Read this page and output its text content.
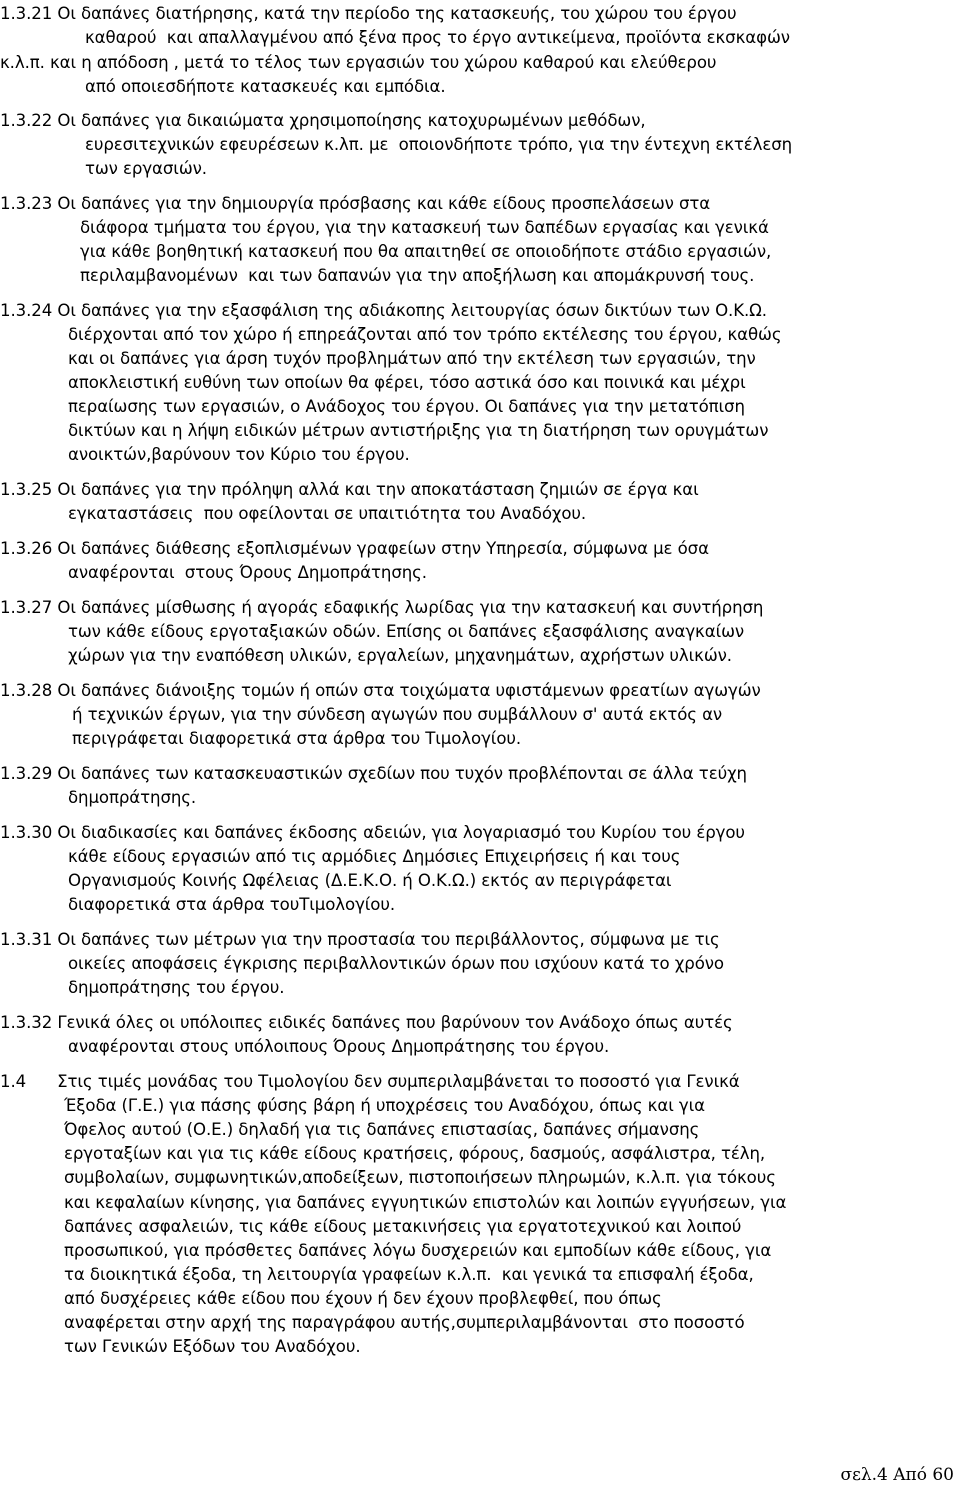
1.3.21 Οι δαπάνες διατήρησης, κατά την περίοδο της κατασκευής, του χώρου του έργου
καθαρού  και απαλλαγμένου από ξένα προς το έργο αντικείμενα, προϊόντα εκσκαφών
κ.λ.π. και η απόδοση , μετά το τέλος των εργασιών του χώρου καθαρού και ελεύθερου
από οποιεσδήποτε κατασκευές και εμπόδια.
1.3.22 Οι δαπάνες για δικαιώματα χρησιμοποίησης κατοχυρωμένων μεθόδων,
ευρεσιτεχνικών εφευρέσεων κ.λπ. με  οποιονδήποτε τρόπο, για την έντεχνη εκτέλεση
των εργασιών.
1.3.23 Οι δαπάνες για την δημιουργία πρόσβασης και κάθε είδους προσπελάσεων στα
διάφορα τμήματα του έργου, για την κατασκευή των δαπέδων εργασίας και γενικά
για κάθε βοηθητική κατασκευή που θα απαιτηθεί σε οποιοδήποτε στάδιο εργασιών,
περιλαμβανομένων  και των δαπανών για την αποξήλωση και απομάκρυνσή τους.
1.3.24 Οι δαπάνες για την εξασφάλιση της αδιάκοπης λειτουργίας όσων δικτύων των Ο.Κ.Ω.
διέρχονται από τον χώρο ή επηρεάζονται από τον τρόπο εκτέλεσης του έργου, καθώς
και οι δαπάνες για άρση τυχόν προβλημάτων από την εκτέλεση των εργασιών, την
αποκλειστική ευθύνη των οποίων θα φέρει, τόσο αστικά όσο και ποινικά και μέχρι
περαίωσης των εργασιών, ο Ανάδοχος του έργου. Οι δαπάνες για την μετατόπιση
δικτύων και η λήψη ειδικών μέτρων αντιστήριξης για τη διατήρηση των ορυγμάτων
ανοικτών,βαρύνουν τον Κύριο του έργου.
1.3.25 Οι δαπάνες για την πρόληψη αλλά και την αποκατάσταση ζημιών σε έργα και
εγκαταστάσεις  που οφείλονται σε υπαιτιότητα του Αναδόχου.
1.3.26 Οι δαπάνες διάθεσης εξοπλισμένων γραφείων στην Υπηρεσία, σύμφωνα με όσα
αναφέρονται  στους Όρους Δημοπράτησης.
1.3.27 Οι δαπάνες μίσθωσης ή αγοράς εδαφικής λωρίδας για την κατασκευή και συντήρηση
των κάθε είδους εργοταξιακών οδών. Επίσης οι δαπάνες εξασφάλισης αναγκαίων
χώρων για την εναπόθεση υλικών, εργαλείων, μηχανημάτων, αχρήστων υλικών.
1.3.28 Οι δαπάνες διάνοιξης τομών ή οπών στα τοιχώματα υφιστάμενων φρεατίων αγωγών
ή τεχνικών έργων, για την σύνδεση αγωγών που συμβάλλουν σ' αυτά εκτός αν
περιγράφεται διαφορετικά στα άρθρα του Τιμολογίου.
1.3.29 Οι δαπάνες των κατασκευαστικών σχεδίων που τυχόν προβλέπονται σε άλλα τεύχη
δημοπράτησης.
1.3.30 Οι διαδικασίες και δαπάνες έκδοσης αδειών, για λογαριασμό του Κυρίου του έργου
κάθε είδους εργασιών από τις αρμόδιες Δημόσιες Επιχειρήσεις ή και τους
Οργανισμούς Κοινής Ωφέλειας (Δ.Ε.Κ.Ο. ή Ο.Κ.Ω.) εκτός αν περιγράφεται
διαφορετικά στα άρθρα τουΤιμολογίου.
1.3.31 Οι δαπάνες των μέτρων για την προστασία του περιβάλλοντος, σύμφωνα με τις
οικείες αποφάσεις έγκρισης περιβαλλοντικών όρων που ισχύουν κατά το χρόνο
δημοπράτησης του έργου.
1.3.32 Γενικά όλες οι υπόλοιπες ειδικές δαπάνες που βαρύνουν τον Ανάδοχο όπως αυτές
αναφέρονται στους υπόλοιπους Όρους Δημοπράτησης του έργου.
1.4      Στις τιμές μονάδας του Τιμολογίου δεν συμπεριλαμβάνεται το ποσοστό για Γενικά
Έξοδα (Γ.Ε.) για πάσης φύσης βάρη ή υποχρέσεις του Αναδόχου, όπως και για
Όφελος αυτού (Ο.Ε.) δηλαδή για τις δαπάνες επιστασίας, δαπάνες σήμανσης
εργοταξίων και για τις κάθε είδους κρατήσεις, φόρους, δασμούς, ασφάλιστρα, τέλη,
συμβολαίων, συμφωνητικών,αποδείξεων, πιστοποιήσεων πληρωμών, κ.λ.π. για τόκους
και κεφαλαίων κίνησης, για δαπάνες εγγυητικών επιστολών και λοιπών εγγυήσεων, για
δαπάνες ασφαλειών, τις κάθε είδους μετακινήσεις για εργατοτεχνικού και λοιπού
προσωπικού, για πρόσθετες δαπάνες λόγω δυσχερειών και εμποδίων κάθε είδους, για
τα διοικητικά έξοδα, τη λειτουργία γραφείων κ.λ.π.  και γενικά τα επισφαλή έξοδα,
από δυσχέρειες κάθε είδου που έχουν ή δεν έχουν προβλεφθεί, που όπως
αναφέρεται στην αρχή της παραγράφου αυτής,συμπεριλαμβάνονται  στο ποσοστό
των Γενικών Εξόδων του Αναδόχου.
σελ.4 Από 60
